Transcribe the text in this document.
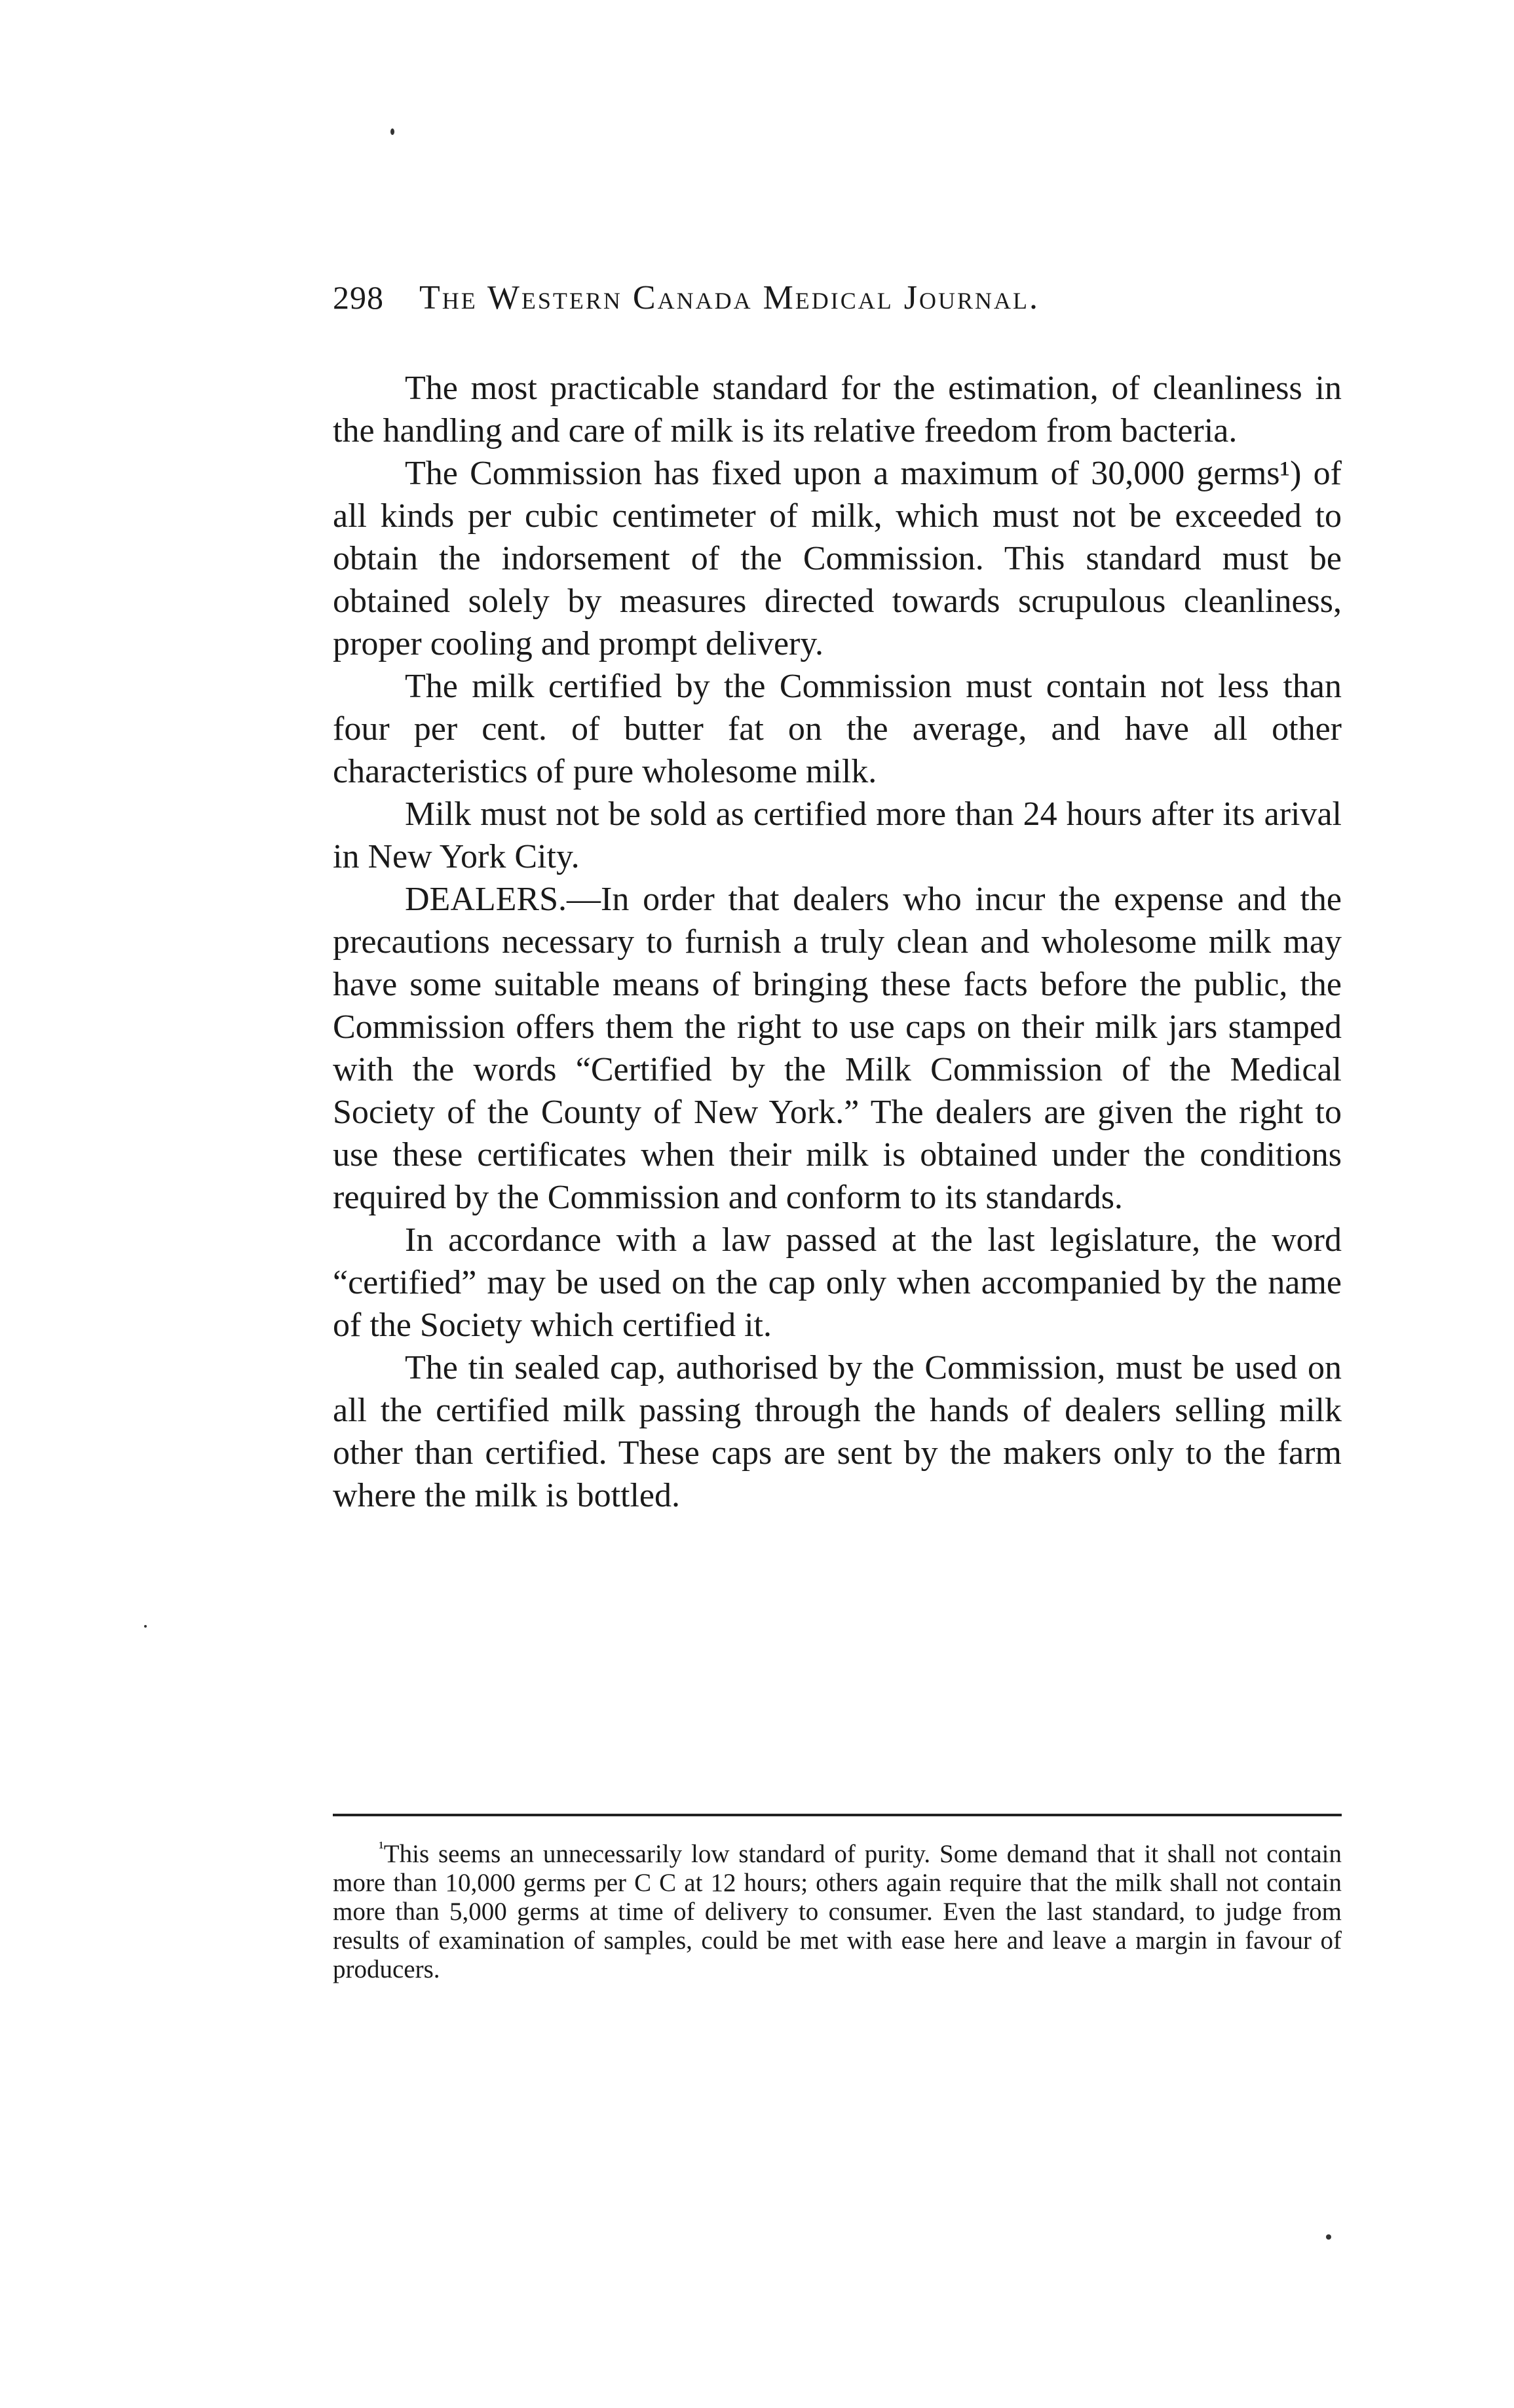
298 The Western Canada Medical Journal.

The most practicable standard for the estimation, of cleanliness in the handling and care of milk is its relative freedom from bacteria.

The Commission has fixed upon a maximum of 30,000 germs¹) of all kinds per cubic centimeter of milk, which must not be exceeded to obtain the indorsement of the Commission. This standard must be obtained solely by measures directed towards scrupulous cleanliness, proper cooling and prompt delivery.

The milk certified by the Commission must contain not less than four per cent. of butter fat on the average, and have all other characteristics of pure wholesome milk.

Milk must not be sold as certified more than 24 hours after its arival in New York City.

DEALERS.—In order that dealers who incur the expense and the precautions necessary to furnish a truly clean and wholesome milk may have some suitable means of bringing these facts before the public, the Commission offers them the right to use caps on their milk jars stamped with the words “Certified by the Milk Commission of the Medical Society of the County of New York.” The dealers are given the right to use these certificates when their milk is obtained under the conditions required by the Commission and conform to its standards.

In accordance with a law passed at the last legislature, the word “certified” may be used on the cap only when accompanied by the name of the Society which certified it.

The tin sealed cap, authorised by the Commission, must be used on all the certified milk passing through the hands of dealers selling milk other than certified. These caps are sent by the makers only to the farm where the milk is bottled.

$^{^1}$This seems an unnecessarily low standard of purity. Some demand that it shall not contain more than 10,000 germs per C C at 12 hours; others again require that the milk shall not contain more than 5,000 germs at time of delivery to consumer. Even the last standard, to judge from results of examination of samples, could be met with ease here and leave a margin in favour of producers.
